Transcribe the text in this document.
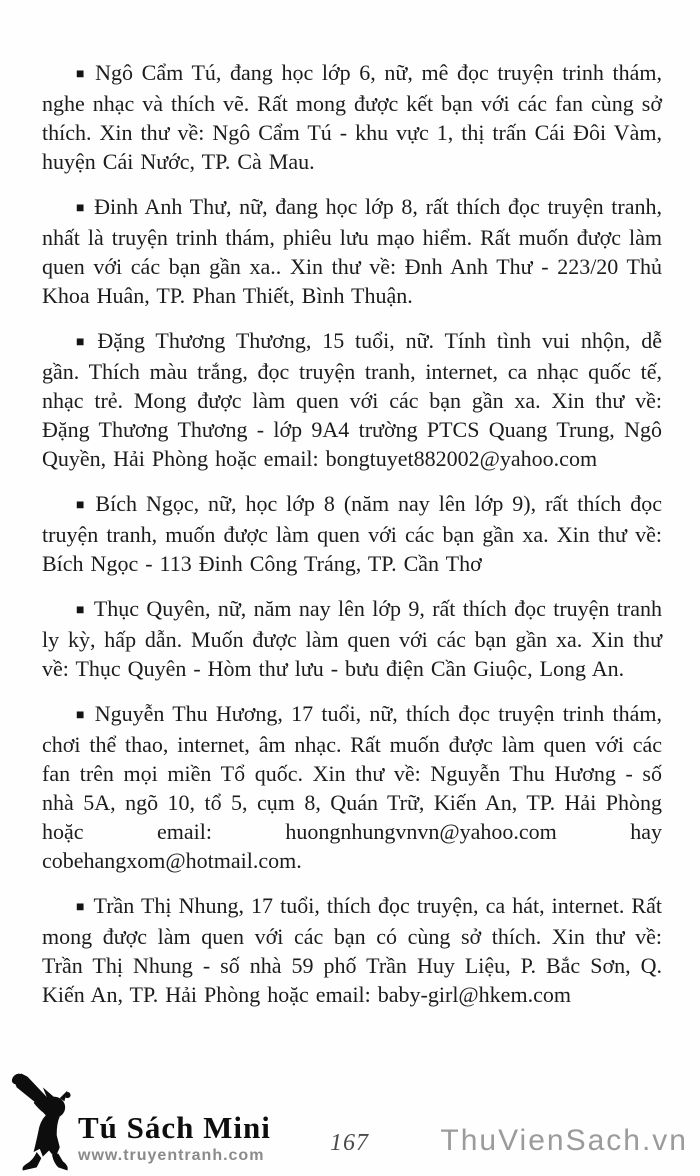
■ Ngô Cẩm Tú, đang học lớp 6, nữ, mê đọc truyện trinh thám, nghe nhạc và thích vẽ. Rất mong được kết bạn với các fan cùng sở thích. Xin thư về: Ngô Cẩm Tú - khu vực 1, thị trấn Cái Đôi Vàm, huyện Cái Nước, TP. Cà Mau.

■ Đinh Anh Thư, nữ, đang học lớp 8, rất thích đọc truyện tranh, nhất là truyện trinh thám, phiêu lưu mạo hiểm. Rất muốn được làm quen với các bạn gần xa.. Xin thư về: Đnh Anh Thư - 223/20 Thủ Khoa Huân, TP. Phan Thiết, Bình Thuận.

■ Đặng Thương Thương, 15 tuổi, nữ. Tính tình vui nhộn, dễ gần. Thích màu trắng, đọc truyện tranh, internet, ca nhạc quốc tế, nhạc trẻ. Mong được làm quen với các bạn gần xa. Xin thư về: Đặng Thương Thương - lớp 9A4 trường PTCS Quang Trung, Ngô Quyền, Hải Phòng hoặc email: bongtuyet882002@yahoo.com

■ Bích Ngọc, nữ, học lớp 8 (năm nay lên lớp 9), rất thích đọc truyện tranh, muốn được làm quen với các bạn gần xa. Xin thư về: Bích Ngọc - 113 Đinh Công Tráng, TP. Cần Thơ

■ Thục Quyên, nữ, năm nay lên lớp 9, rất thích đọc truyện tranh ly kỳ, hấp dẫn. Muốn được làm quen với các bạn gần xa. Xin thư về: Thục Quyên - Hòm thư lưu - bưu điện Cần Giuộc, Long An.

■ Nguyễn Thu Hương, 17 tuổi, nữ, thích đọc truyện trinh thám, chơi thể thao, internet, âm nhạc. Rất muốn được làm quen với các fan trên mọi miền Tổ quốc. Xin thư về: Nguyễn Thu Hương - số nhà 5A, ngõ 10, tổ 5, cụm 8, Quán Trữ, Kiến An, TP. Hải Phòng hoặc email: huongnhungvnvn@yahoo.com hay cobehangxom@hotmail.com.

■ Trần Thị Nhung, 17 tuổi, thích đọc truyện, ca hát, internet. Rất mong được làm quen với các bạn có cùng sở thích. Xin thư về: Trần Thị Nhung - số nhà 59 phố Trần Huy Liệu, P. Bắc Sơn, Q. Kiến An, TP. Hải Phòng hoặc email: baby-girl@hkem.com

Tú Sách Mini
www.truyentranh.com	167 ThuVienSach.vn
